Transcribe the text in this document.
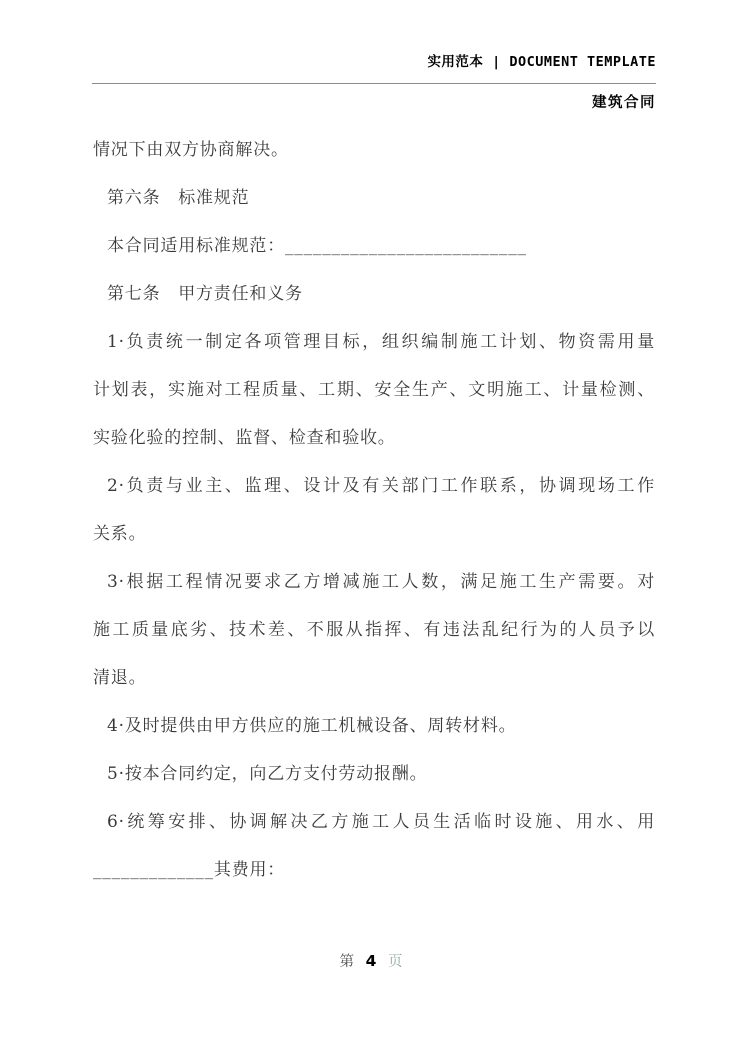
实用范本 | DOCUMENT TEMPLATE
建筑合同
情况下由双方协商解决。
第六条　标准规范
本合同适用标准规范：__________________________
第七条　甲方责任和义务
1·负责统一制定各项管理目标，组织编制施工计划、物资需用量
计划表，实施对工程质量、工期、安全生产、文明施工、计量检测、
实验化验的控制、监督、检查和验收。
2·负责与业主、监理、设计及有关部门工作联系，协调现场工作
关系。
3·根据工程情况要求乙方增减施工人数，满足施工生产需要。对
施工质量底劣、技术差、不服从指挥、有违法乱纪行为的人员予以
清退。
4·及时提供由甲方供应的施工机械设备、周转材料。
5·按本合同约定，向乙方支付劳动报酬。
6·统筹安排、协调解决乙方施工人员生活临时设施、用水、用
_____________其费用：
第 4 页
